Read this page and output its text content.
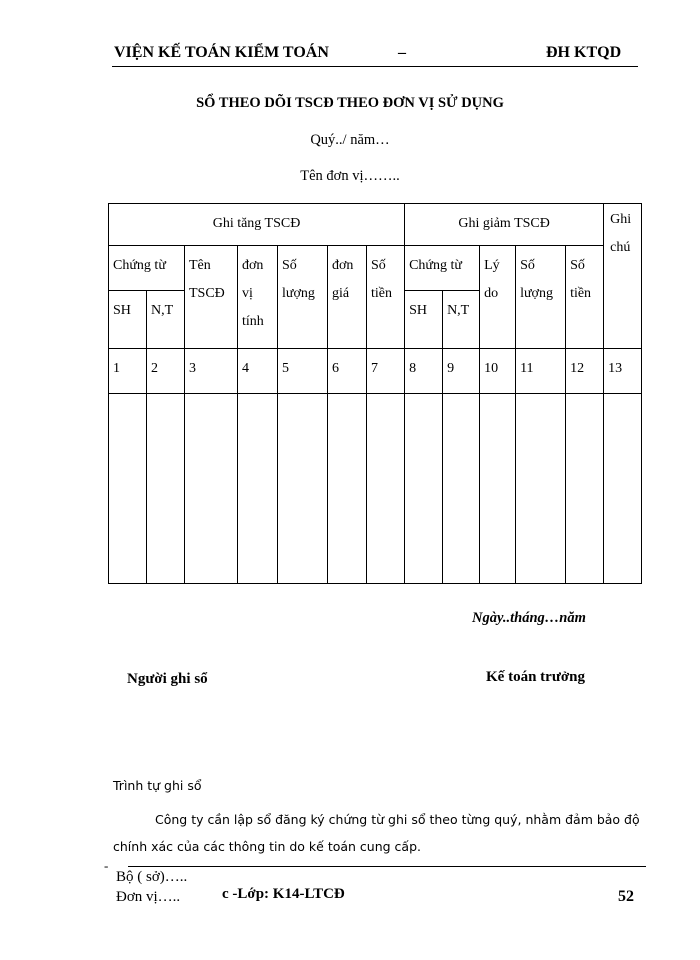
VIỆN KẾ TOÁN KIỂM TOÁN	–	ĐH KTQD
SỔ THEO DÕI TSCĐ THEO ĐƠN VỊ SỬ DỤNG
Quý../ năm…
Tên đơn vị……..
Ghi tăng TSCĐ							Ghi giảm TSCĐ					Ghi chú

Chứng từ		Tên TSCĐ	đơn vị tính	Số lượng	đơn giá	Số tiền	Chứng từ		Lý do	Số lượng	Số tiền	

SH	N,T						SH	N,T				

1	2	3	4	5	6	7	8	9	10	11	12	13

Ngày..tháng…năm
Người ghi sổ	Kế toán trưởng
Trình tự ghi sổ
Công ty cần lập sổ đăng ký chứng từ ghi sổ theo từng quý, nhằm đảm bảo độ
chính xác của các thông tin do kế toán cung cấp.
-
Bộ ( sở)…..
Đơn vị…..	c -Lớp: K14-LTCĐ	52
